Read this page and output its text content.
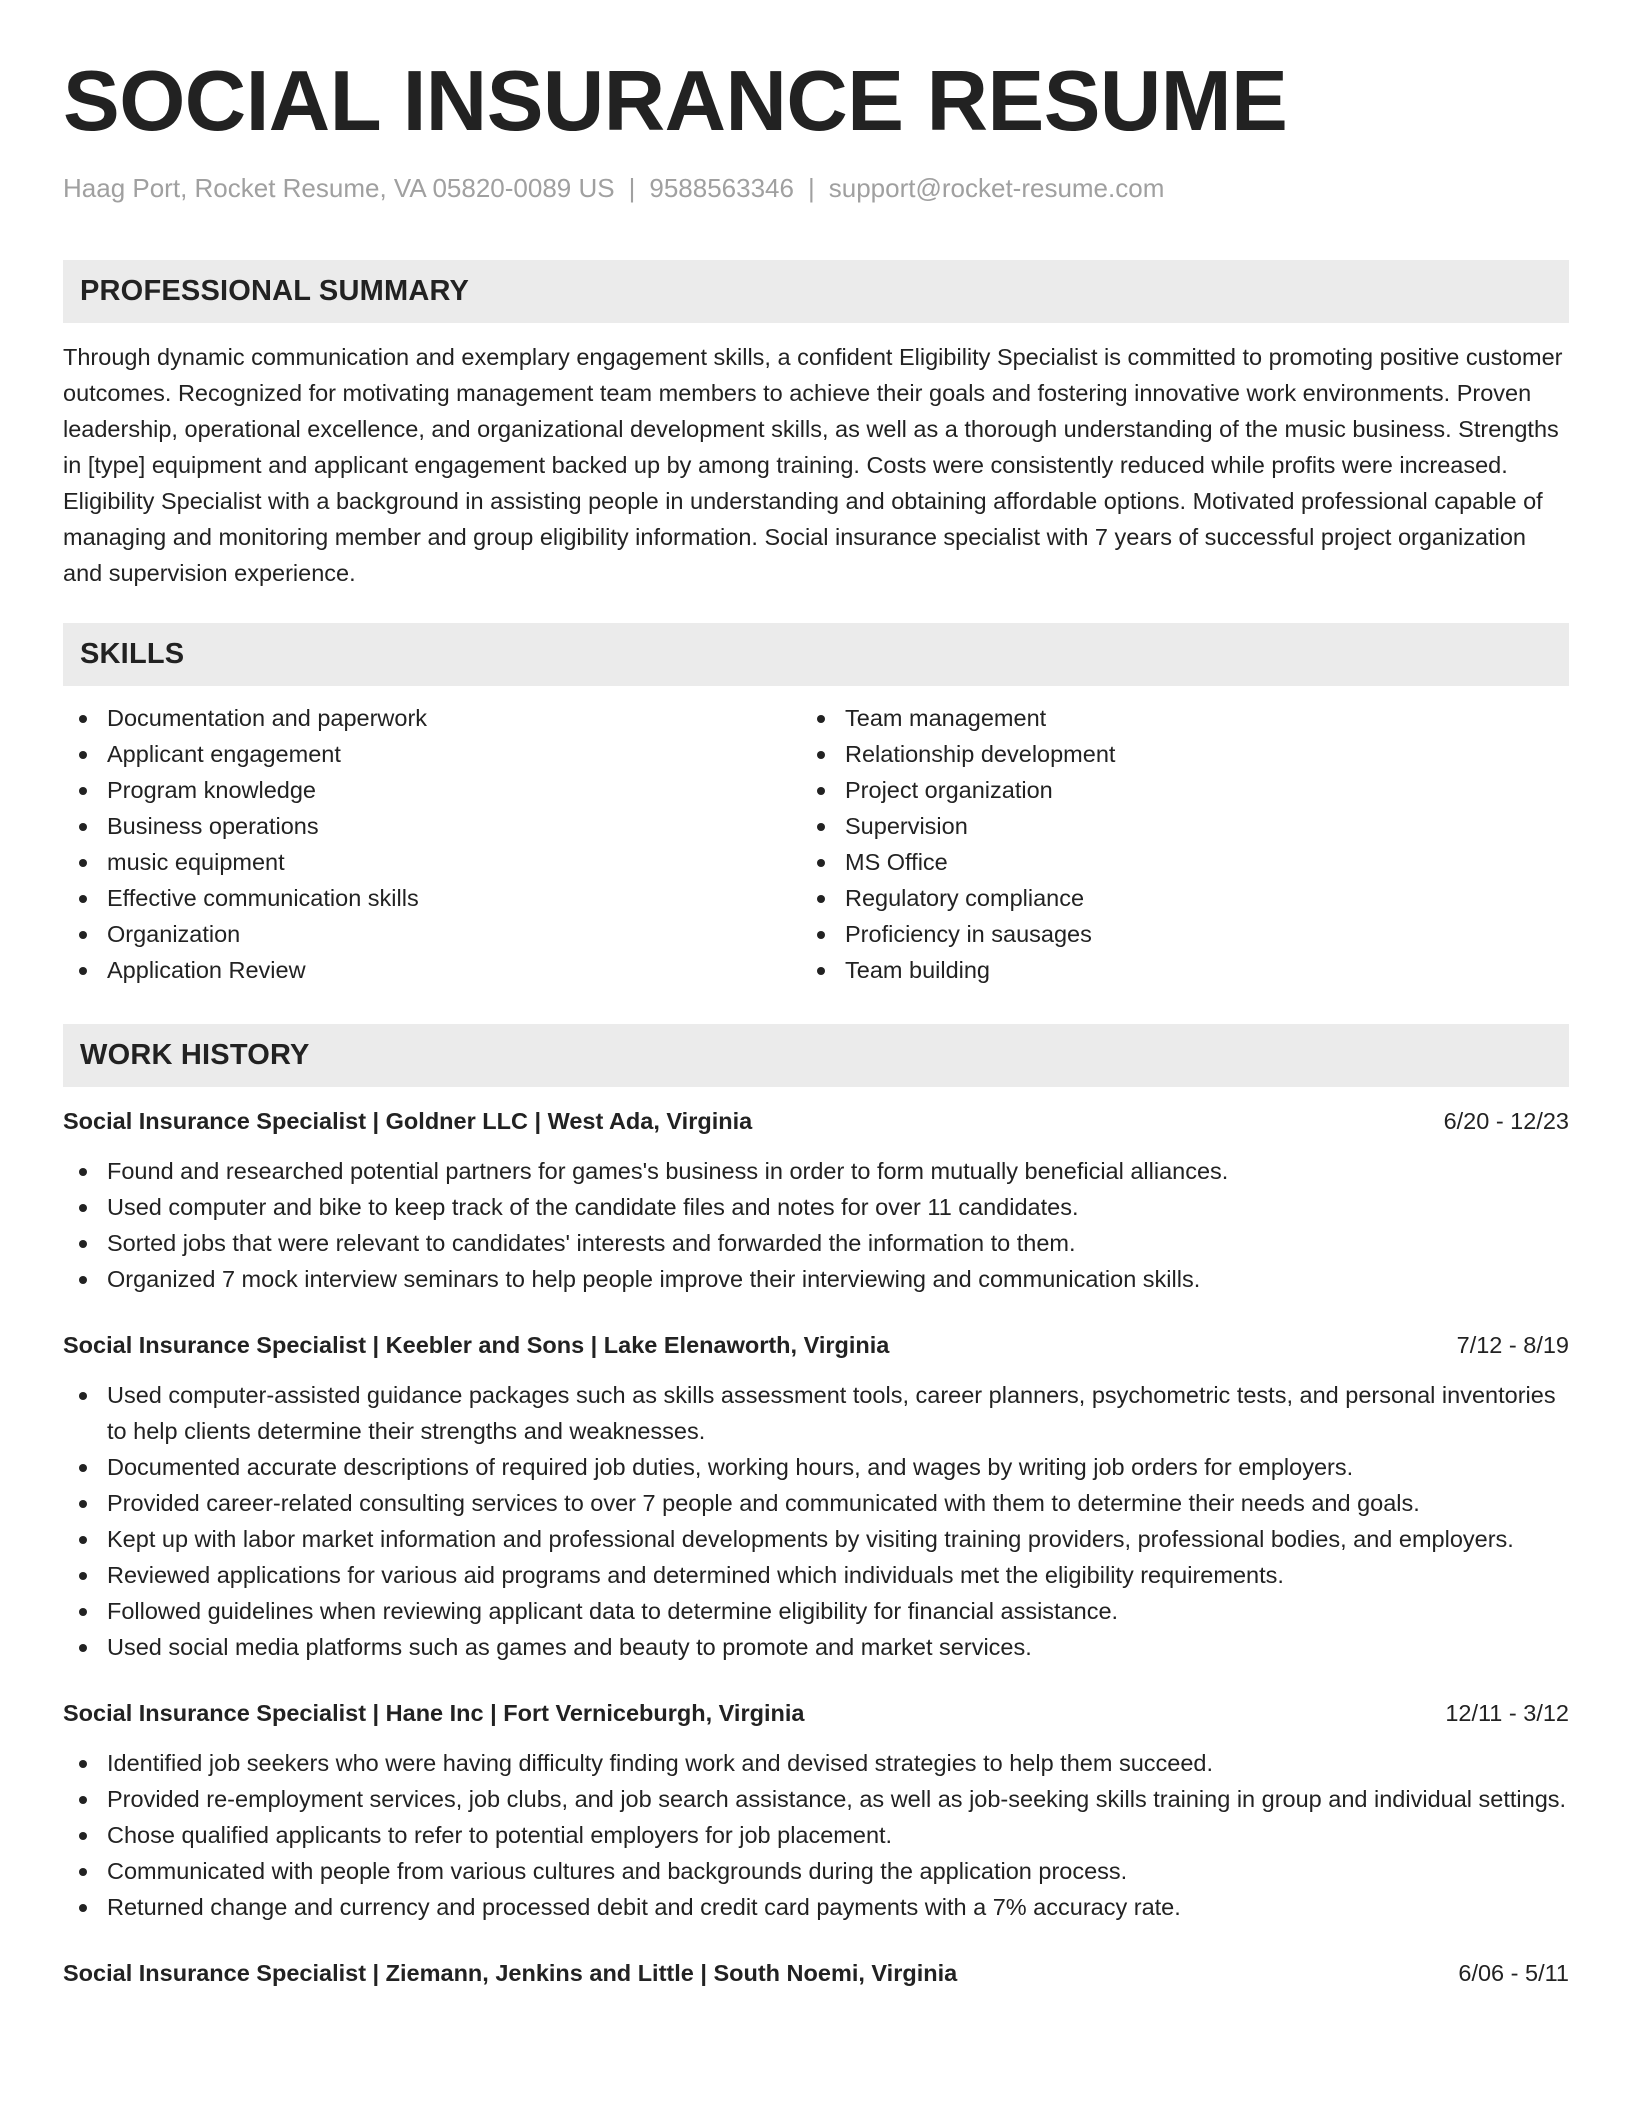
SOCIAL INSURANCE RESUME
Haag Port, Rocket Resume, VA 05820-0089 US | 9588563346 | support@rocket-resume.com
PROFESSIONAL SUMMARY
Through dynamic communication and exemplary engagement skills, a confident Eligibility Specialist is committed to promoting positive customer outcomes. Recognized for motivating management team members to achieve their goals and fostering innovative work environments. Proven leadership, operational excellence, and organizational development skills, as well as a thorough understanding of the music business. Strengths in [type] equipment and applicant engagement backed up by among training. Costs were consistently reduced while profits were increased. Eligibility Specialist with a background in assisting people in understanding and obtaining affordable options. Motivated professional capable of managing and monitoring member and group eligibility information. Social insurance specialist with 7 years of successful project organization and supervision experience.
SKILLS
Documentation and paperwork
Applicant engagement
Program knowledge
Business operations
music equipment
Effective communication skills
Organization
Application Review
Team management
Relationship development
Project organization
Supervision
MS Office
Regulatory compliance
Proficiency in sausages
Team building
WORK HISTORY
Social Insurance Specialist | Goldner LLC | West Ada, Virginia	6/20 - 12/23
Found and researched potential partners for games's business in order to form mutually beneficial alliances.
Used computer and bike to keep track of the candidate files and notes for over 11 candidates.
Sorted jobs that were relevant to candidates' interests and forwarded the information to them.
Organized 7 mock interview seminars to help people improve their interviewing and communication skills.
Social Insurance Specialist | Keebler and Sons | Lake Elenaworth, Virginia	7/12 - 8/19
Used computer-assisted guidance packages such as skills assessment tools, career planners, psychometric tests, and personal inventories to help clients determine their strengths and weaknesses.
Documented accurate descriptions of required job duties, working hours, and wages by writing job orders for employers.
Provided career-related consulting services to over 7 people and communicated with them to determine their needs and goals.
Kept up with labor market information and professional developments by visiting training providers, professional bodies, and employers.
Reviewed applications for various aid programs and determined which individuals met the eligibility requirements.
Followed guidelines when reviewing applicant data to determine eligibility for financial assistance.
Used social media platforms such as games and beauty to promote and market services.
Social Insurance Specialist | Hane Inc | Fort Verniceburgh, Virginia	12/11 - 3/12
Identified job seekers who were having difficulty finding work and devised strategies to help them succeed.
Provided re-employment services, job clubs, and job search assistance, as well as job-seeking skills training in group and individual settings.
Chose qualified applicants to refer to potential employers for job placement.
Communicated with people from various cultures and backgrounds during the application process.
Returned change and currency and processed debit and credit card payments with a 7% accuracy rate.
Social Insurance Specialist | Ziemann, Jenkins and Little | South Noemi, Virginia	6/06 - 5/11
